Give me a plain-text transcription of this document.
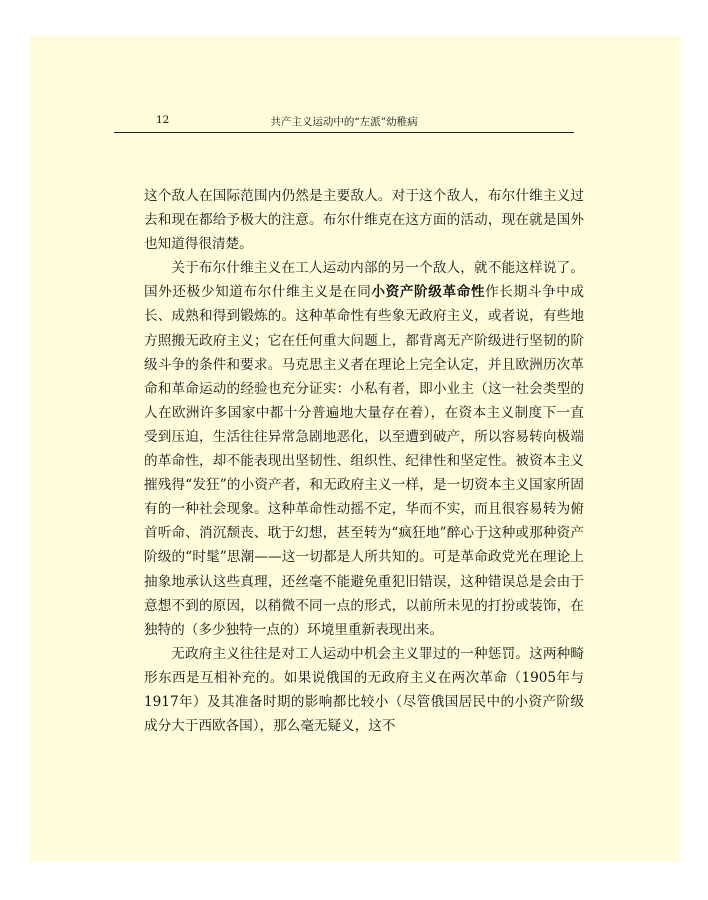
12	共产主义运动中的“左派”幼稚病

这个敌人在国际范围内仍然是主要敌人。对于这个敌人，布尔什维主义过去和现在都给予极大的注意。布尔什维克在这方面的活动，现在就是国外也知道得很清楚。

关于布尔什维主义在工人运动内部的另一个敌人，就不能这样说了。国外还极少知道布尔什维主义是在同小资产阶级革命性作长期斗争中成长、成熟和得到锻炼的。这种革命性有些象无政府主义，或者说，有些地方照搬无政府主义；它在任何重大问题上，都背离无产阶级进行坚韧的阶级斗争的条件和要求。马克思主义者在理论上完全认定，并且欧洲历次革命和革命运动的经验也充分证实：小私有者，即小业主（这一社会类型的人在欧洲许多国家中都十分普遍地大量存在着），在资本主义制度下一直受到压迫，生活往往异常急剧地恶化，以至遭到破产，所以容易转向极端的革命性，却不能表现出坚韧性、组织性、纪律性和坚定性。被资本主义摧残得“发狂”的小资产者，和无政府主义一样，是一切资本主义国家所固有的一种社会现象。这种革命性动摇不定，华而不实，而且很容易转为俯首听命、消沉颓丧、耽于幻想，甚至转为“疯狂地”醉心于这种或那种资产阶级的“时髦”思潮——这一切都是人所共知的。可是革命政党光在理论上抽象地承认这些真理，还丝毫不能避免重犯旧错误，这种错误总是会由于意想不到的原因，以稍微不同一点的形式，以前所未见的打扮或装饰，在独特的（多少独特一点的）环境里重新表现出来。

无政府主义往往是对工人运动中机会主义罪过的一种惩罚。这两种畸形东西是互相补充的。如果说俄国的无政府主义在两次革命（1905年与1917年）及其准备时期的影响都比较小（尽管俄国居民中的小资产阶级成分大于西欧各国），那么毫无疑义，这不
